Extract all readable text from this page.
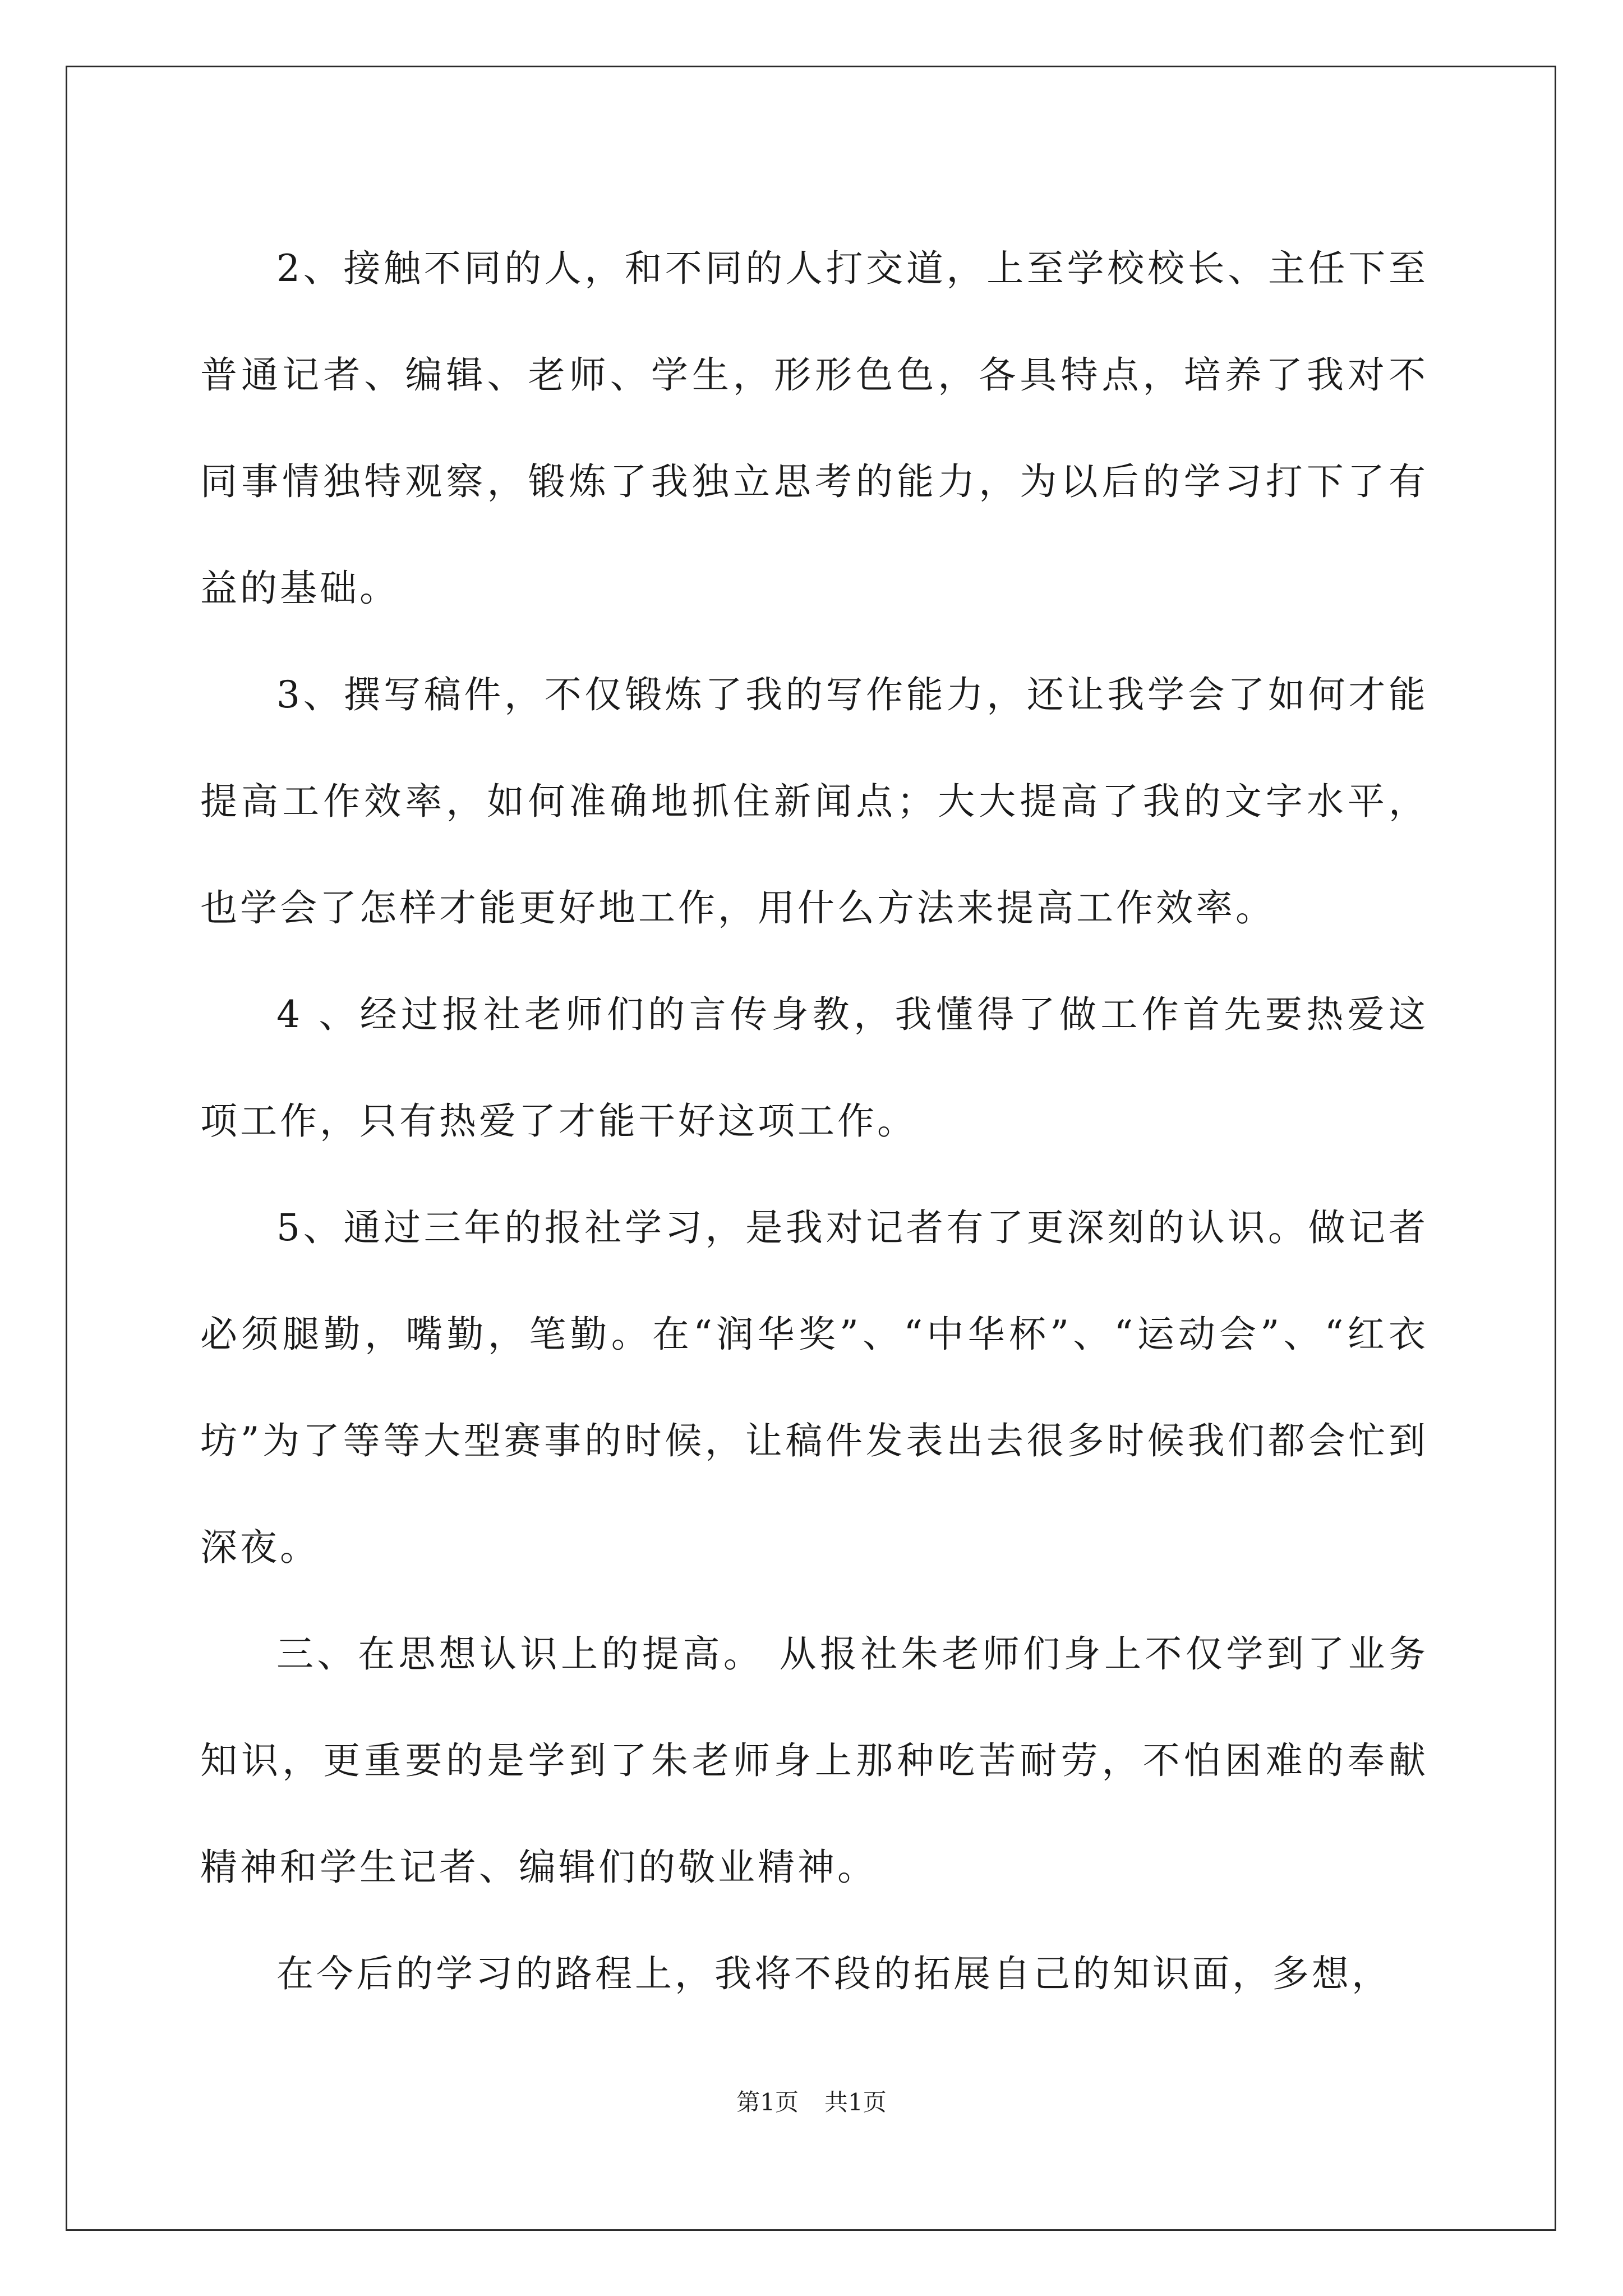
2、接触不同的人，和不同的人打交道，上至学校校长、主任下至普通记者、编辑、老师、学生，形形色色，各具特点，培养了我对不同事情独特观察，锻炼了我独立思考的能力，为以后的学习打下了有益的基础。

3、撰写稿件，不仅锻炼了我的写作能力，还让我学会了如何才能提高工作效率，如何准确地抓住新闻点；大大提高了我的文字水平，也学会了怎样才能更好地工作，用什么方法来提高工作效率。

4 、经过报社老师们的言传身教，我懂得了做工作首先要热爱这项工作，只有热爱了才能干好这项工作。

5、通过三年的报社学习，是我对记者有了更深刻的认识。做记者必须腿勤，嘴勤，笔勤。在“润华奖”、“中华杯”、“运动会”、“红衣坊”为了等等大型赛事的时候，让稿件发表出去很多时候我们都会忙到深夜。

三、在思想认识上的提高。 从报社朱老师们身上不仅学到了业务知识，更重要的是学到了朱老师身上那种吃苦耐劳，不怕困难的奉献精神和学生记者、编辑们的敬业精神。

在今后的学习的路程上，我将不段的拓展自己的知识面，多想，

第1页 共1页
